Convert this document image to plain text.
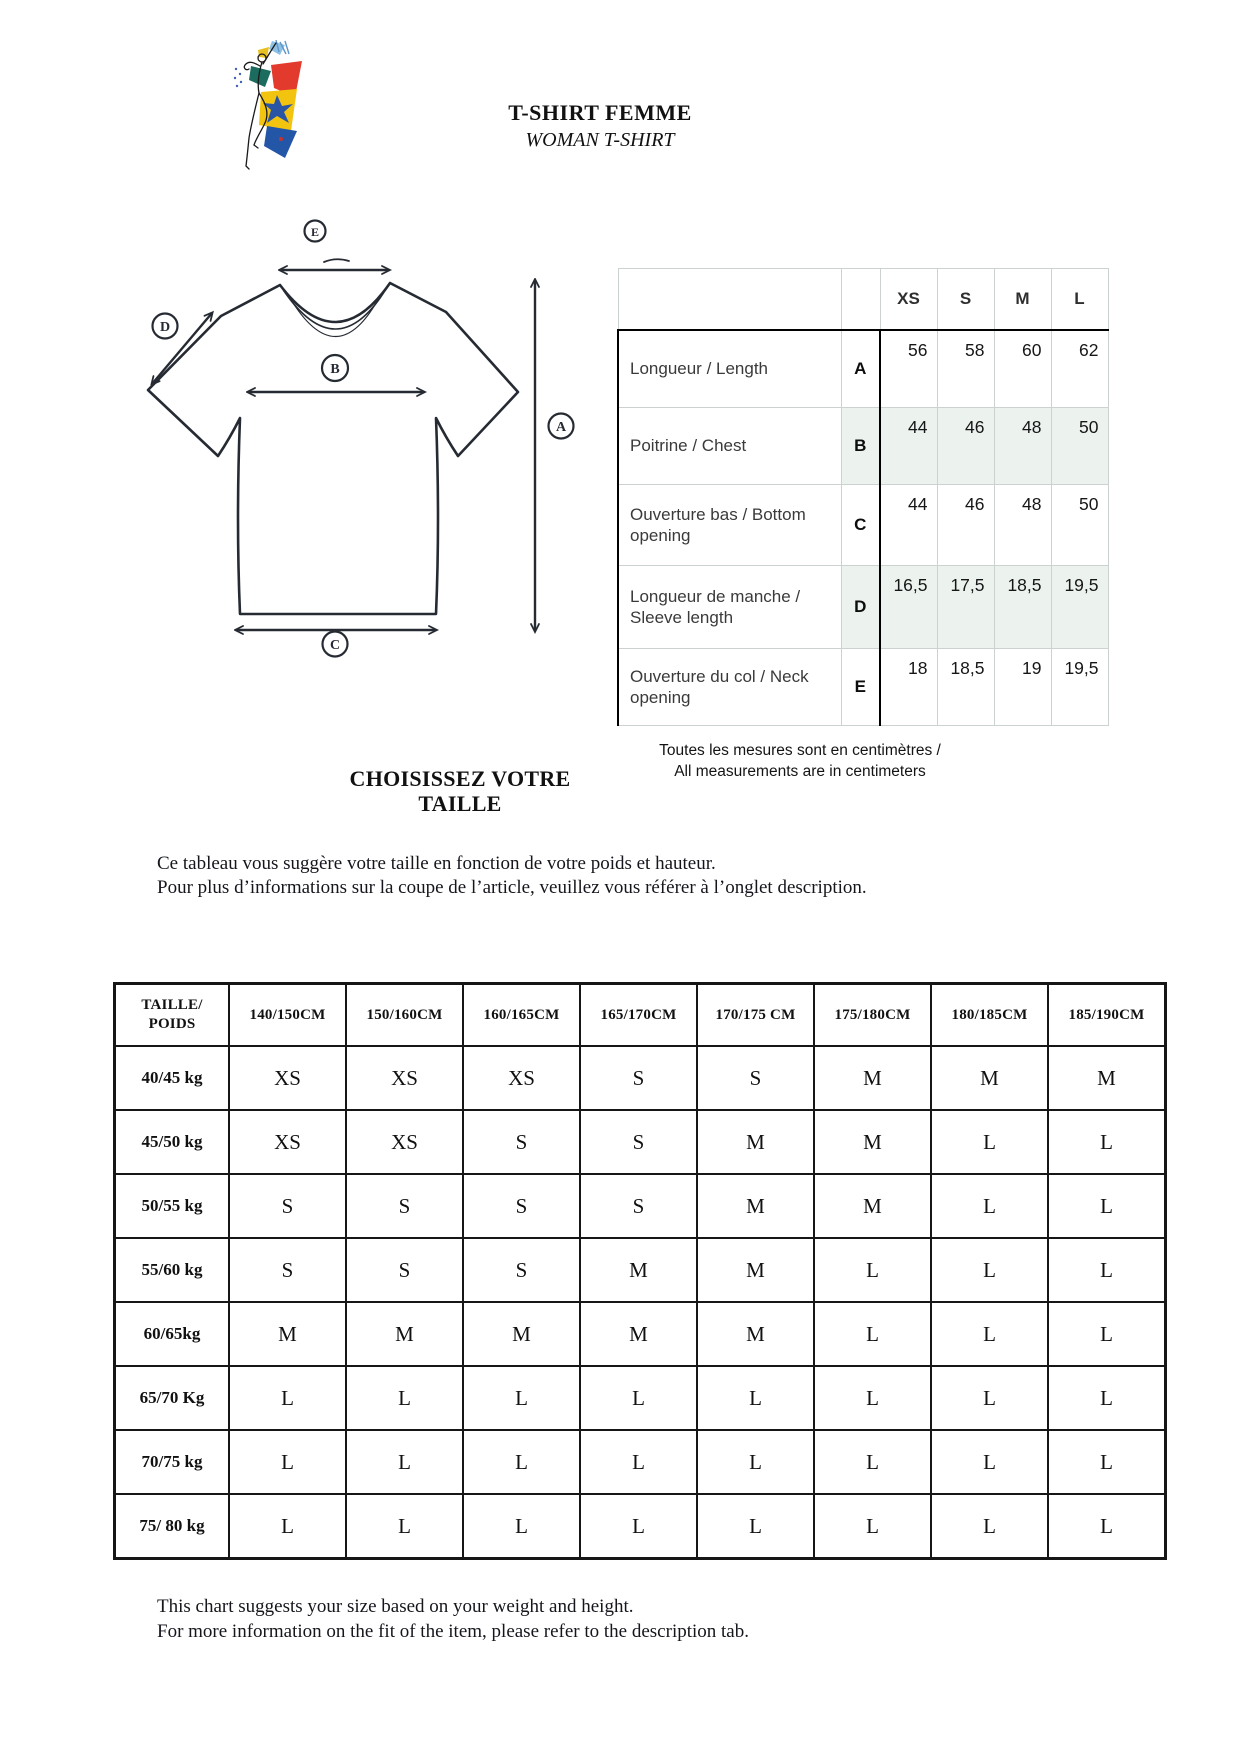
T-SHIRT FEMME
WOMAN T-SHIRT
E
D
B
C
A
		XS	S	M	L
Longueur / Length	A	56	58	60	62
Poitrine / Chest	B	44	46	48	50
Ouverture bas / Bottom opening	C	44	46	48	50
Longueur de manche / Sleeve length	D	16,5	17,5	18,5	19,5
Ouverture du col / Neck opening	E	18	18,5	19	19,5
Toutes les mesures sont en centimètres /
All measurements are in centimeters
CHOISISSEZ VOTRE
TAILLE
Ce tableau vous suggère votre taille en fonction de votre poids et hauteur.
Pour plus d’informations sur la coupe de l’article, veuillez vous référer à l’onglet description.
TAILLE/
POIDS	140/150CM	150/160CM	160/165CM	165/170CM	170/175 CM	175/180CM	180/185CM	185/190CM
40/45 kg	XS	XS	XS	S	S	M	M	M
45/50 kg	XS	XS	S	S	M	M	L	L
50/55 kg	S	S	S	S	M	M	L	L
55/60 kg	S	S	S	M	M	L	L	L
60/65kg	M	M	M	M	M	L	L	L
65/70 Kg	L	L	L	L	L	L	L	L
70/75 kg	L	L	L	L	L	L	L	L
75/ 80 kg	L	L	L	L	L	L	L	L
This chart suggests your size based on your weight and height.
For more information on the fit of the item, please refer to the description tab.
